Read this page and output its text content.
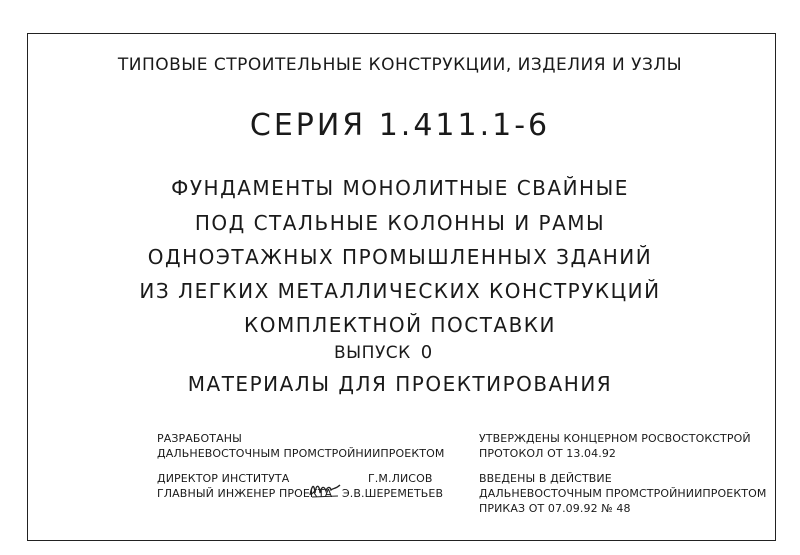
ТИПОВЫЕ СТРОИТЕЛЬНЫЕ КОНСТРУКЦИИ, ИЗДЕЛИЯ И УЗЛЫ
СЕРИЯ 1.411.1-6
ФУНДАМЕНТЫ МОНОЛИТНЫЕ СВАЙНЫЕ
ПОД СТАЛЬНЫЕ КОЛОННЫ И РАМЫ
ОДНОЭТАЖНЫХ ПРОМЫШЛЕННЫХ ЗДАНИЙ
ИЗ ЛЕГКИХ МЕТАЛЛИЧЕСКИХ КОНСТРУКЦИЙ
КОМПЛЕКТНОЙ ПОСТАВКИ
ВЫПУСК 0
МАТЕРИАЛЫ ДЛЯ ПРОЕКТИРОВАНИЯ
РАЗРАБОТАНЫ
ДАЛЬНЕВОСТОЧНЫМ ПРОМСТРОЙНИИПРОЕКТОМ
ДИРЕКТОР ИНСТИТУТА	Г.М.ЛИСОВ
ГЛАВНЫЙ ИНЖЕНЕР ПРОЕКТА Э.В.ШЕРЕМЕТЬЕВ
УТВЕРЖДЕНЫ КОНЦЕРНОМ РОСВОСТОКСТРОЙ
ПРОТОКОЛ ОТ 13.04.92
ВВЕДЕНЫ В ДЕЙСТВИЕ
ДАЛЬНЕВОСТОЧНЫМ ПРОМСТРОЙНИИПРОЕКТОМ
ПРИКАЗ ОТ 07.09.92 № 48
